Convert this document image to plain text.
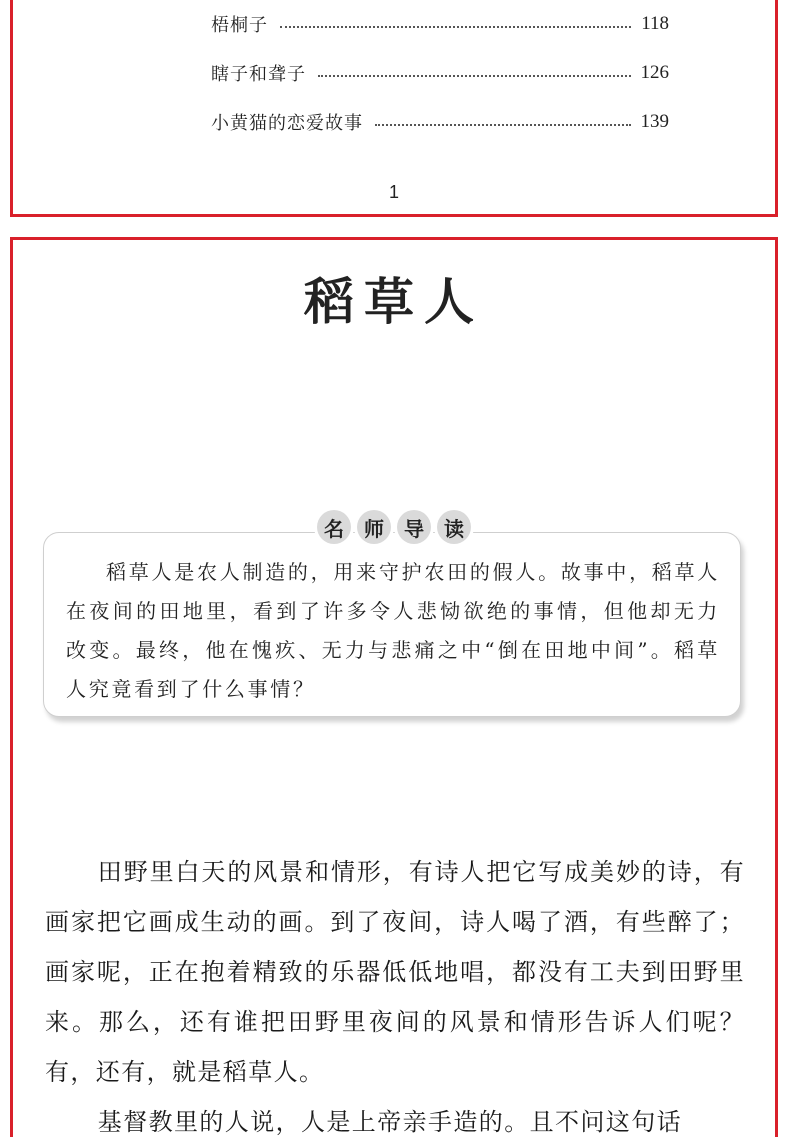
梧桐子	118
瞎子和聋子	126
小黄猫的恋爱故事	139
1
稻草人

稻草人是农人制造的，用来守护农田的假人。故事中，稻草人在夜间的田地里，看到了许多令人悲恸欲绝的事情，但他却无力改变。最终，他在愧疚、无力与悲痛之中“倒在田地中间”。稻草人究竟看到了什么事情？

名	师	导	读

田野里白天的风景和情形，有诗人把它写成美妙的诗，有画家把它画成生动的画。到了夜间，诗人喝了酒，有些醉了；画家呢，正在抱着精致的乐器低低地唱，都没有工夫到田野里来。那么，还有谁把田野里夜间的风景和情形告诉人们呢？有，还有，就是稻草人。

基督教里的人说，人是上帝亲手造的。且不问这句话
